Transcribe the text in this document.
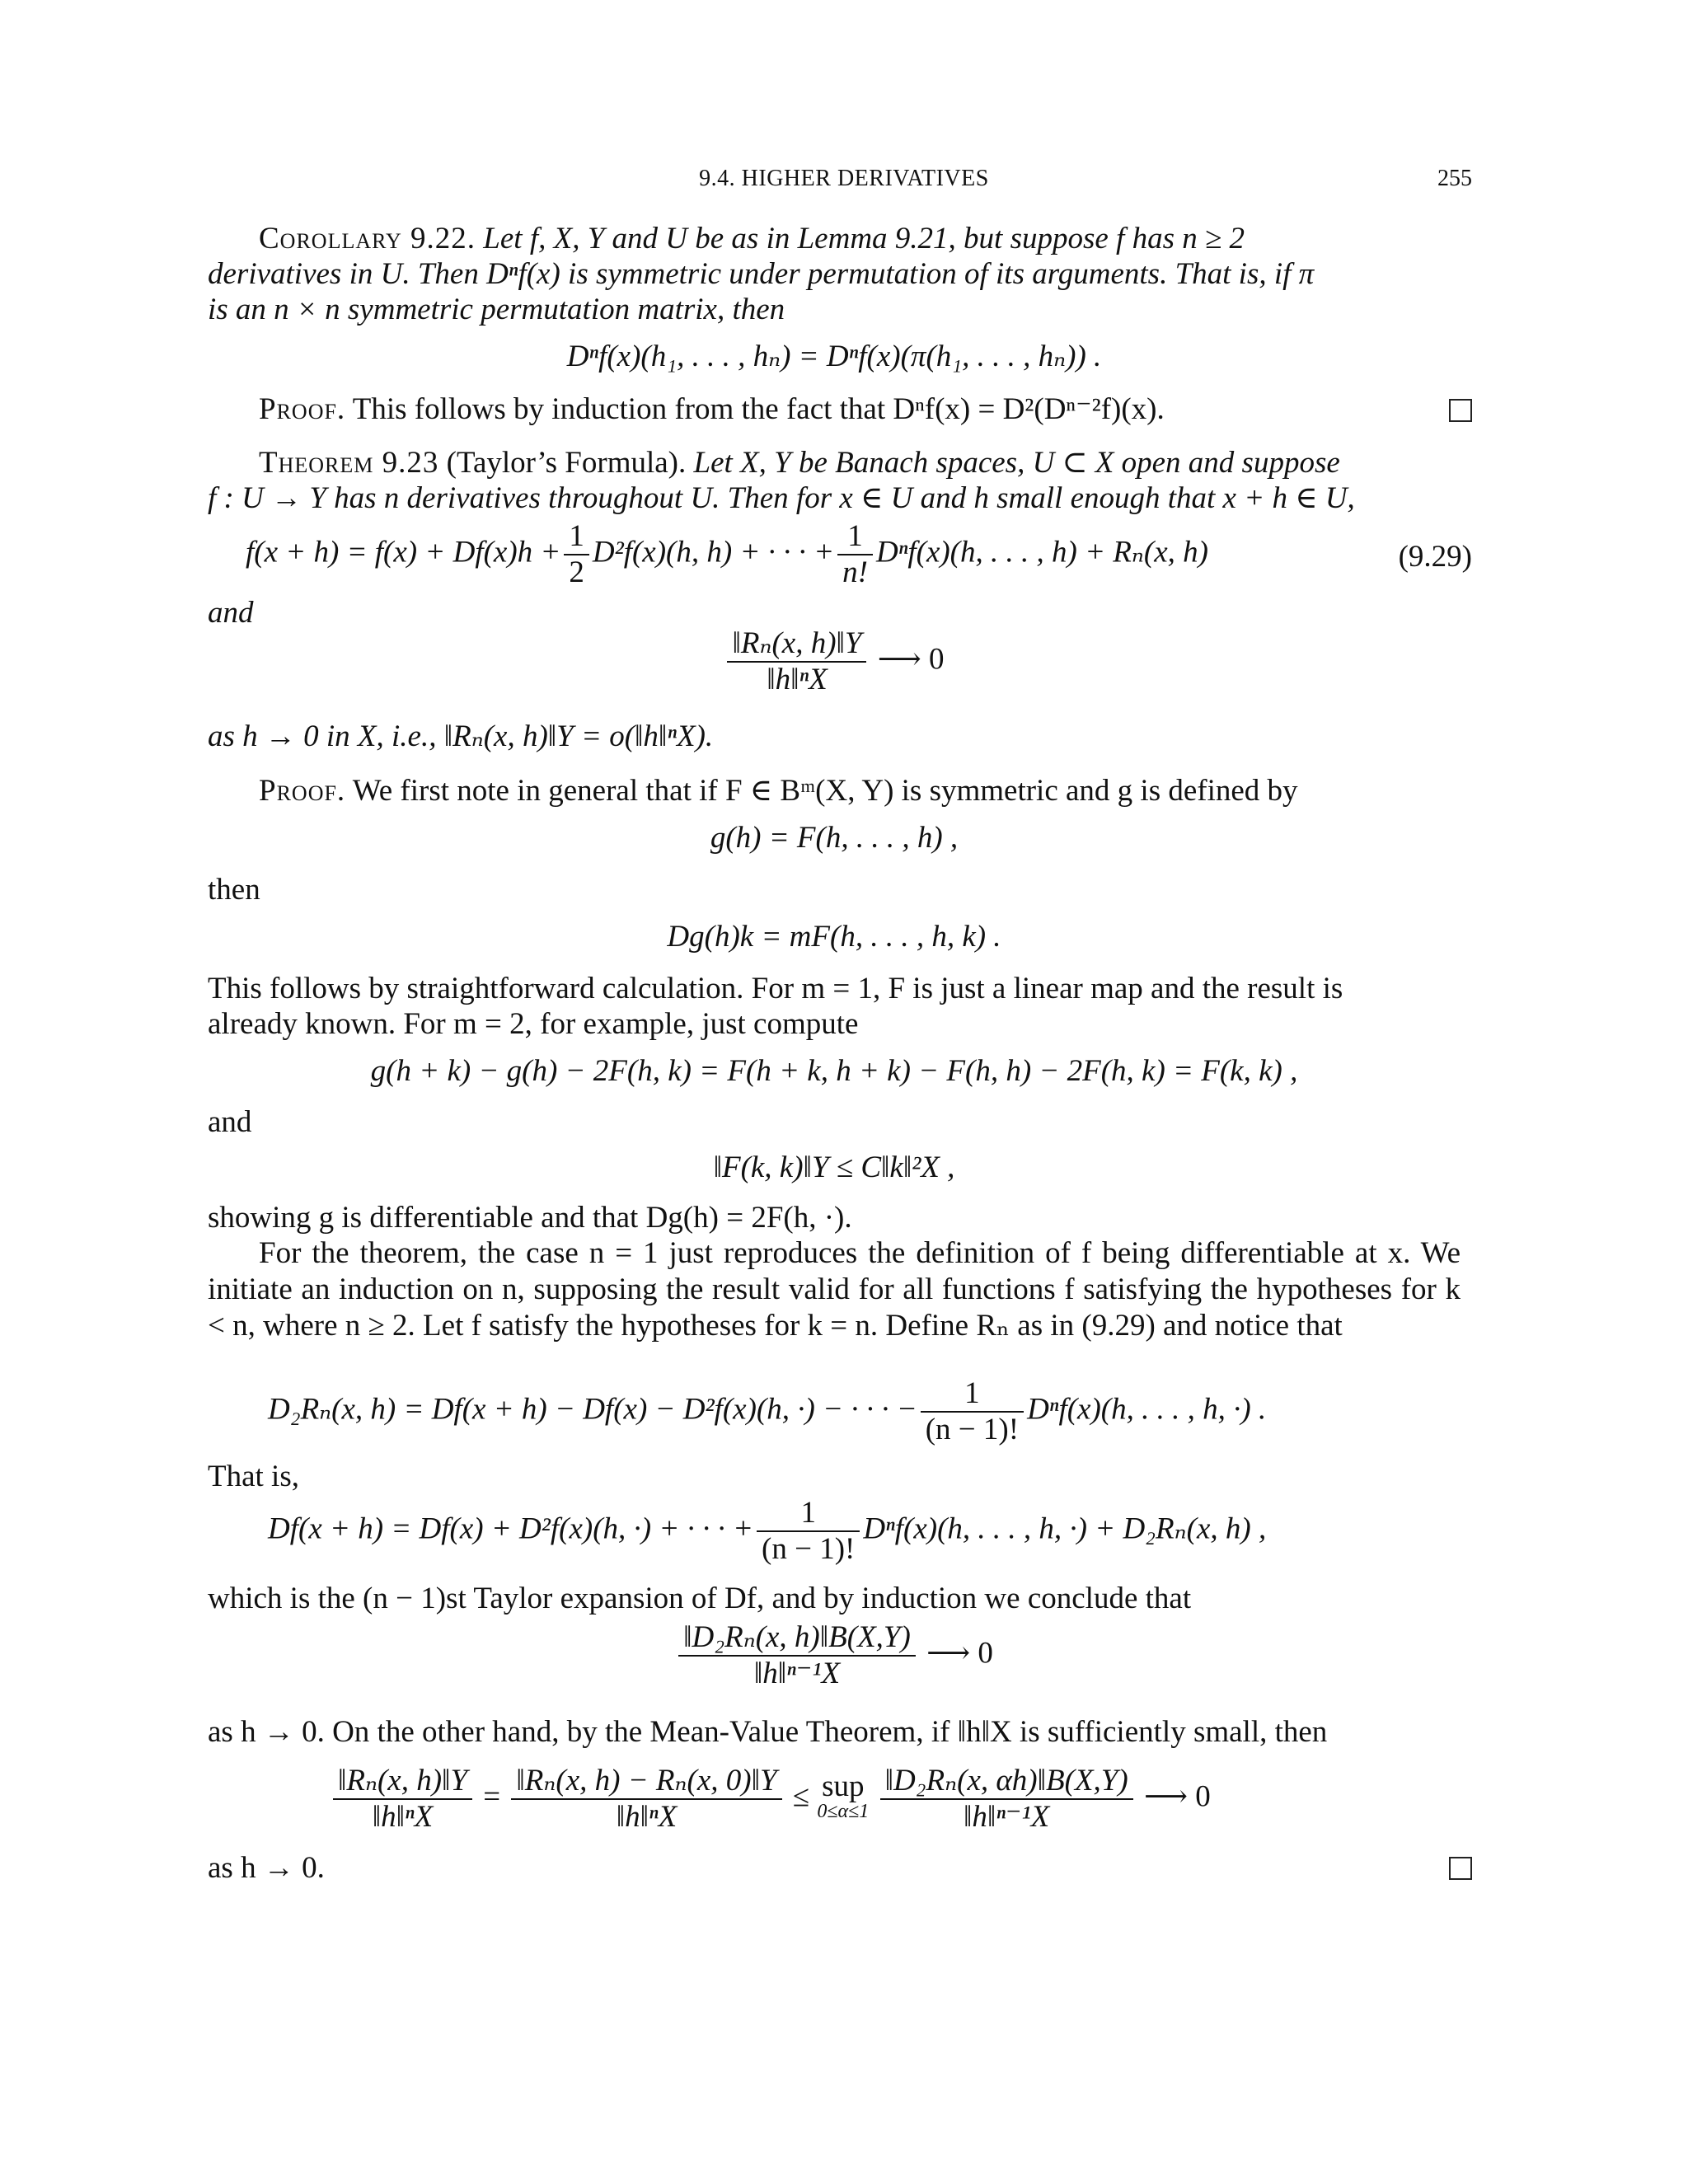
9.4. HIGHER DERIVATIVES	255
Corollary 9.22. Let f, X, Y and U be as in Lemma 9.21, but suppose f has n ≥ 2
derivatives in U. Then Dⁿf(x) is symmetric under permutation of its arguments. That is, if π
is an n × n symmetric permutation matrix, then
Dⁿf(x)(h₁, . . . , hₙ) = Dⁿf(x)(π(h₁, . . . , hₙ)) .
Proof. This follows by induction from the fact that Dⁿf(x) = D²(Dⁿ⁻²f)(x).
Theorem 9.23 (Taylor’s Formula). Let X, Y be Banach spaces, U ⊂ X open and suppose
f : U → Y has n derivatives throughout U. Then for x ∈ U and h small enough that x + h ∈ U,
$f(x + h) = f(x) + Df(x)h + \frac{1}{2} D^2f(x)(h$, h) + · · · + $\frac{1}{n!} D^nf(x)(h$, . . . , h) + Rₙ(x, h)	(9.29)
and
$\frac{\text{‖Rₙ(x, h)‖Y}}{\text{‖h‖ⁿX}}$ ⟶ 0
as h → 0 in X, i.e., ‖Rₙ(x, h)‖Y = o(‖h‖ⁿX).
Proof. We first note in general that if F ∈ Bᵐ(X, Y) is symmetric and g is defined by
g(h) = F(h, . . . , h) ,
then
Dg(h)k = mF(h, . . . , h, k) .
This follows by straightforward calculation. For m = 1, F is just a linear map and the result is
already known. For m = 2, for example, just compute
g(h + k) − g(h) − 2F(h, k) = F(h + k, h + k) − F(h, h) − 2F(h, k) = F(k, k) ,
and
‖F(k, k)‖Y ≤ C‖k‖²X ,
showing g is differentiable and that Dg(h) = 2F(h, ·).
For the theorem, the case n = 1 just reproduces the definition of f being differentiable at x. We initiate an induction on n, supposing the result valid for all functions f satisfying the hypotheses for k < n, where n ≥ 2. Let f satisfy the hypotheses for k = n. Define Rₙ as in (9.29) and notice that
D₂Rₙ(x, h) = Df(x + h) − Df(x) − D²f(x)(h, ·) − · · · − $\frac{1}{(n - 1)!} D^nf(x)(h$, . . . , h, ·) .
That is,
Df(x + h) = Df(x) + D²f(x)(h, ·) + · · · + $\frac{1}{(n - 1)!} D^nf(x)(h$, . . . , h, ·) + D₂Rₙ(x, h) ,
which is the (n − 1)st Taylor expansion of Df, and by induction we conclude that
$\frac{\text{‖D₂Rₙ(x, h)‖B(X,Y)}}{\text{‖h‖ⁿ⁻¹X}}$ ⟶ 0
as h → 0. On the other hand, by the Mean-Value Theorem, if ‖h‖X is sufficiently small, then
$\frac{\text{‖Rₙ(x, h)‖Y}}{\text{‖h‖ⁿX}} = \frac{\text{‖Rₙ(x, h) − Rₙ(x, 0)‖Y}}{\text{‖h‖ⁿX}}$ ≤ sup
0≤α≤1
$\frac{\text{‖D₂Rₙ(x, αh)‖B(X,Y)}}{\text{‖h‖ⁿ⁻¹X}}$ ⟶ 0
as h → 0.
